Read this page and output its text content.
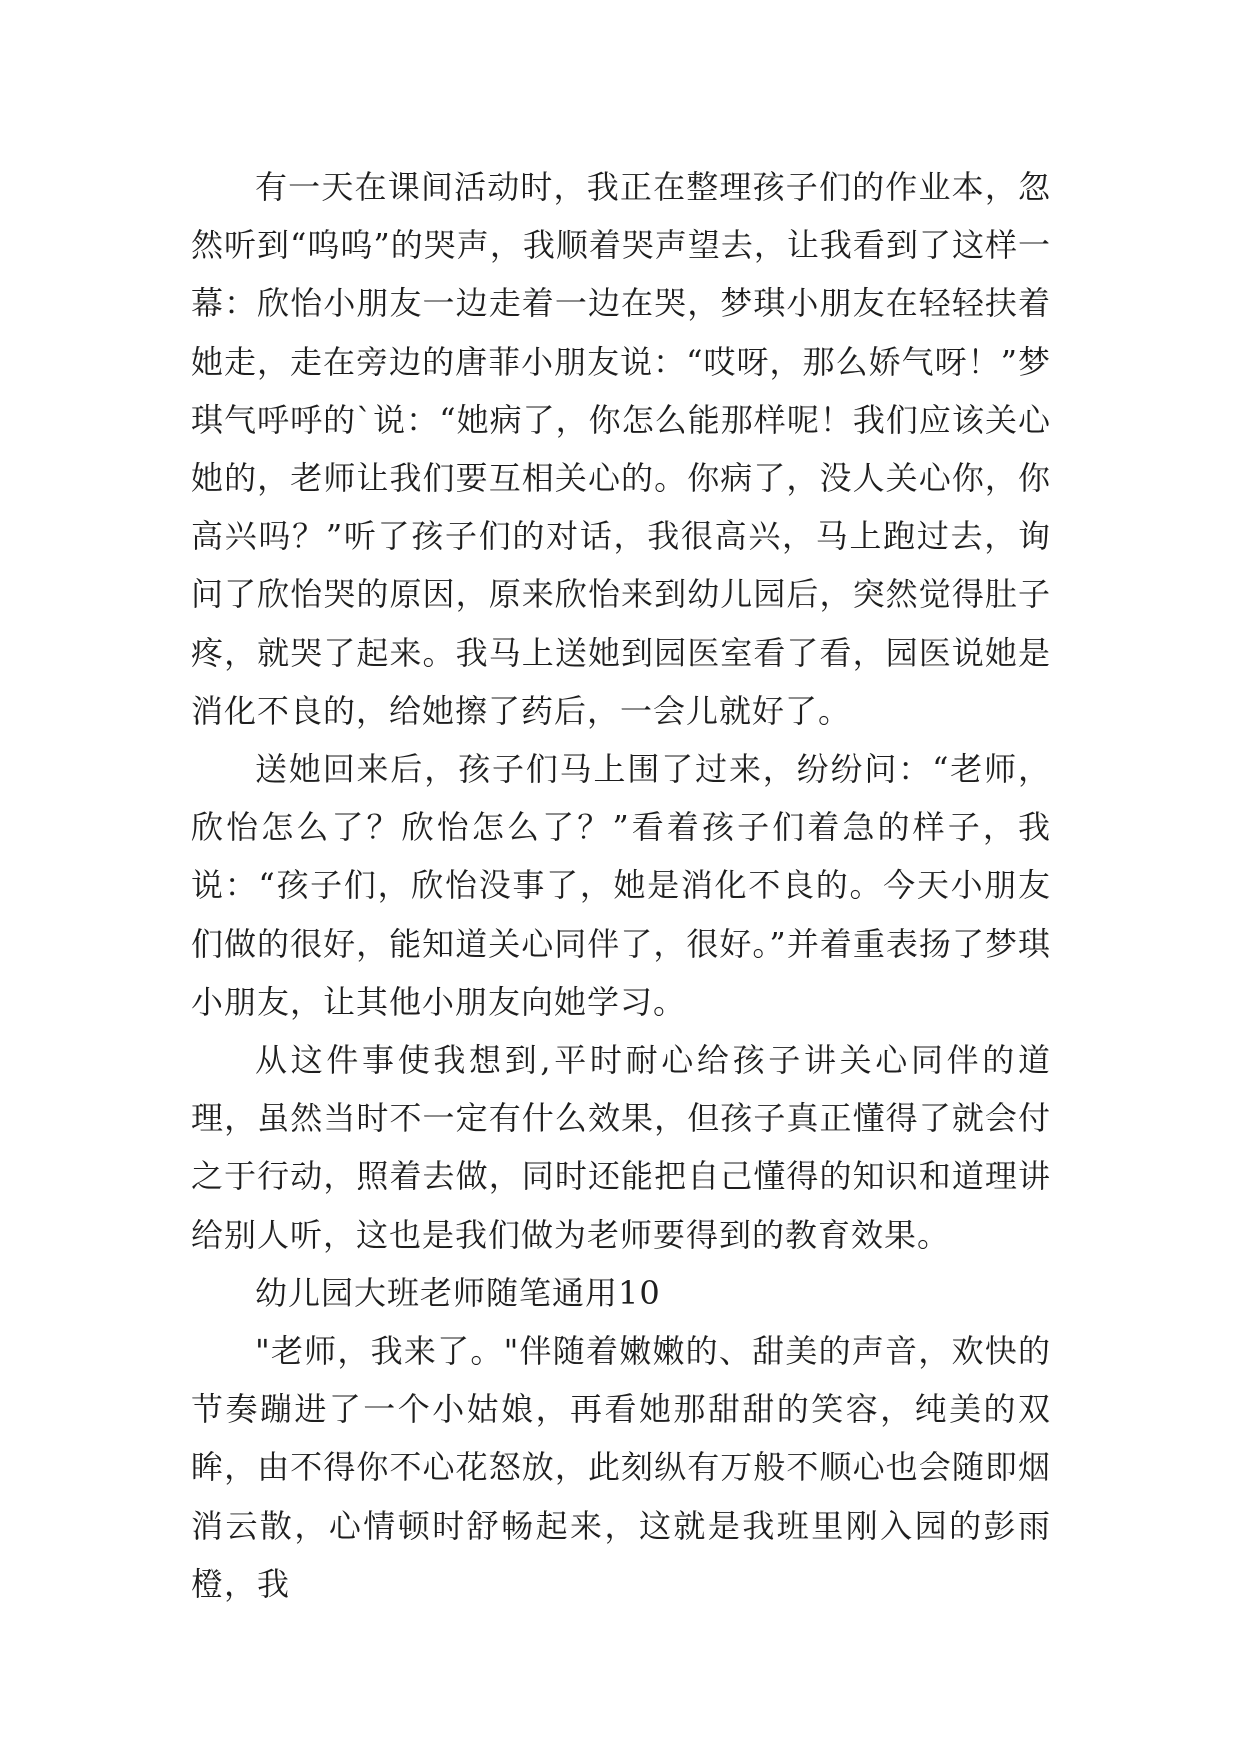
有一天在课间活动时，我正在整理孩子们的作业本，忽然听到“呜呜”的哭声，我顺着哭声望去，让我看到了这样一幕：欣怡小朋友一边走着一边在哭，梦琪小朋友在轻轻扶着她走，走在旁边的唐菲小朋友说：“哎呀，那么娇气呀！”梦琪气呼呼的`说：“她病了，你怎么能那样呢！我们应该关心她的，老师让我们要互相关心的。你病了，没人关心你，你高兴吗？”听了孩子们的对话，我很高兴，马上跑过去，询问了欣怡哭的原因，原来欣怡来到幼儿园后，突然觉得肚子疼，就哭了起来。我马上送她到园医室看了看，园医说她是消化不良的，给她擦了药后，一会儿就好了。

送她回来后，孩子们马上围了过来，纷纷问：“老师，欣怡怎么了？欣怡怎么了？”看着孩子们着急的样子，我说：“孩子们，欣怡没事了，她是消化不良的。今天小朋友们做的很好，能知道关心同伴了，很好。”并着重表扬了梦琪小朋友，让其他小朋友向她学习。

从这件事使我想到,平时耐心给孩子讲关心同伴的道理，虽然当时不一定有什么效果，但孩子真正懂得了就会付之于行动，照着去做，同时还能把自己懂得的知识和道理讲给别人听，这也是我们做为老师要得到的教育效果。

幼儿园大班老师随笔通用10

"老师，我来了。"伴随着嫩嫩的、甜美的声音，欢快的节奏蹦进了一个小姑娘，再看她那甜甜的笑容，纯美的双眸，由不得你不心花怒放，此刻纵有万般不顺心也会随即烟消云散，心情顿时舒畅起来，这就是我班里刚入园的彭雨橙，我
